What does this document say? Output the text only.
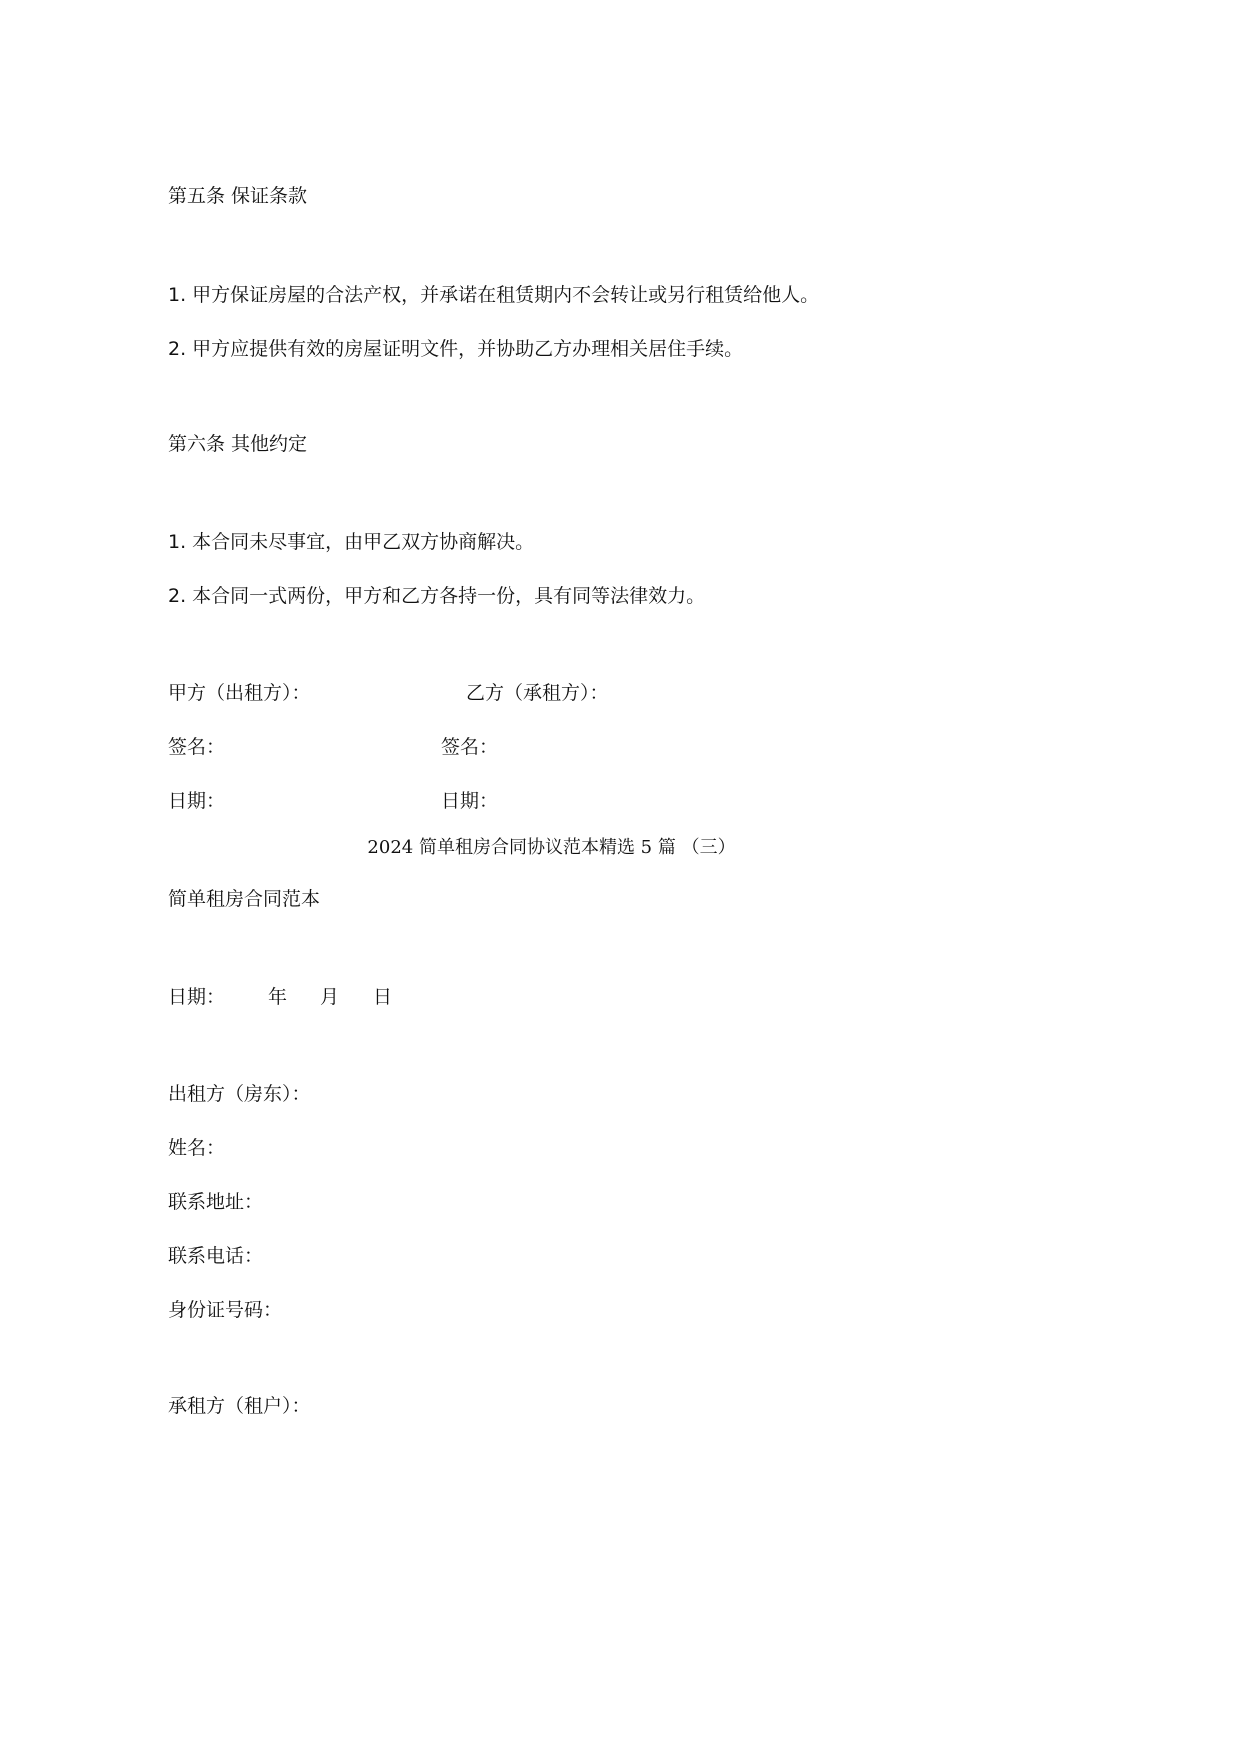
第五条 保证条款

1. 甲方保证房屋的合法产权，并承诺在租赁期内不会转让或另行租赁给他人。

2. 甲方应提供有效的房屋证明文件，并协助乙方办理相关居住手续。

第六条 其他约定

1. 本合同未尽事宜，由甲乙双方协商解决。

2. 本合同一式两份，甲方和乙方各持一份，具有同等法律效力。

甲方（出租方）：	乙方（承租方）：

签名：	签名：

日期：	日期：

2024 简单租房合同协议范本精选 5 篇 （三）

简单租房合同范本

日期： 年 月 日

出租方（房东）：

姓名：

联系地址：

联系电话：

身份证号码：

承租方（租户）：
